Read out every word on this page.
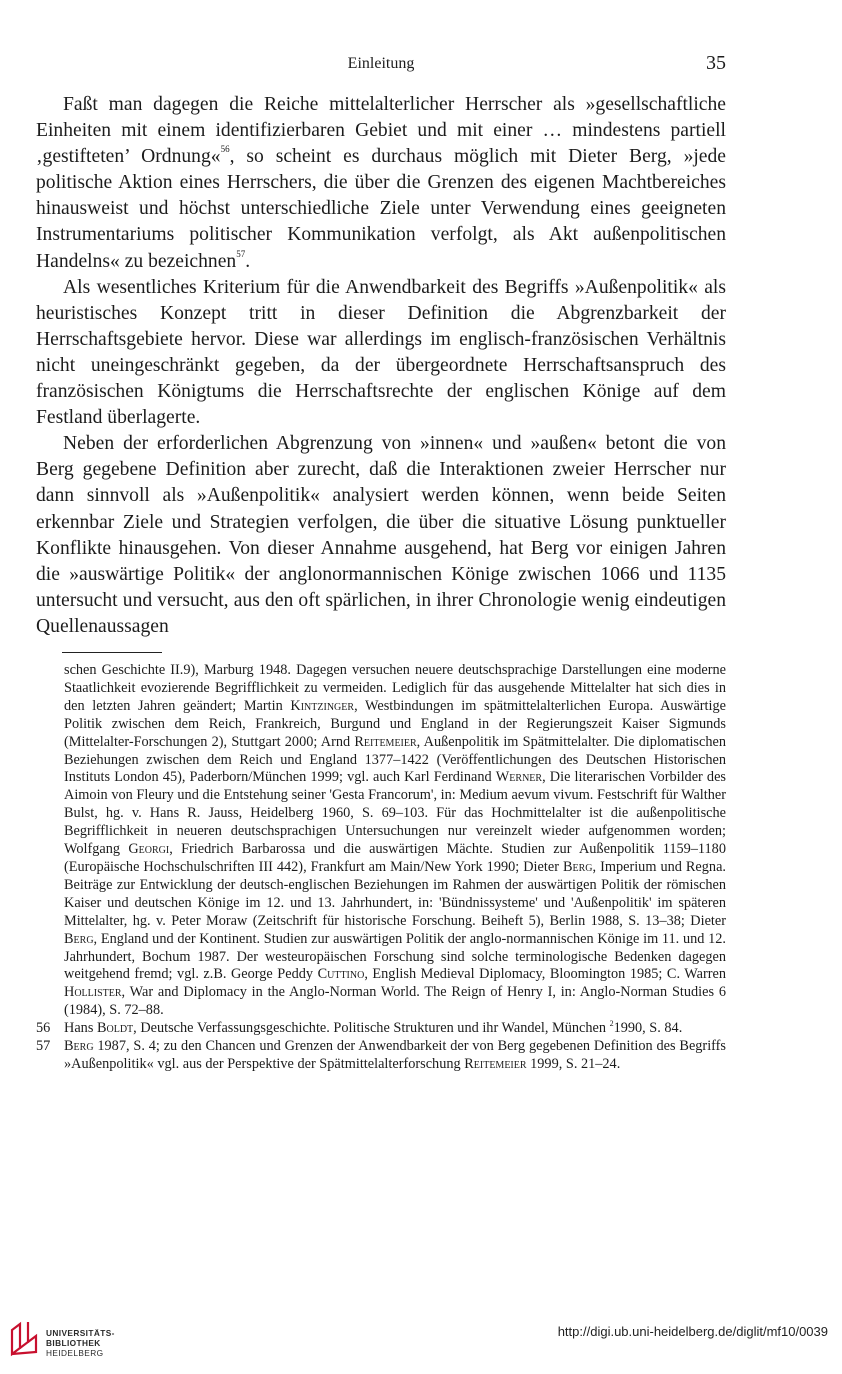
Einleitung	35

Faßt man dagegen die Reiche mittelalterlicher Herrscher als »gesellschaftliche Einheiten mit einem identifizierbaren Gebiet und mit einer … mindestens partiell ‚gestifteten’ Ordnung«$^{56}$, so scheint es durchaus möglich mit Dieter Berg, »jede politische Aktion eines Herrschers, die über die Grenzen des eigenen Machtbereiches hinausweist und höchst unterschiedliche Ziele unter Verwendung eines geeigneten Instrumentariums politischer Kommunikation verfolgt, als Akt außenpolitischen Handelns« zu bezeichnen$^{57}$.

Als wesentliches Kriterium für die Anwendbarkeit des Begriffs »Außenpolitik« als heuristisches Konzept tritt in dieser Definition die Abgrenzbarkeit der Herrschaftsgebiete hervor. Diese war allerdings im englisch-französischen Verhältnis nicht uneingeschränkt gegeben, da der übergeordnete Herrschaftsanspruch des französischen Königtums die Herrschaftsrechte der englischen Könige auf dem Festland überlagerte.

Neben der erforderlichen Abgrenzung von »innen« und »außen« betont die von Berg gegebene Definition aber zurecht, daß die Interaktionen zweier Herrscher nur dann sinnvoll als »Außenpolitik« analysiert werden können, wenn beide Seiten erkennbar Ziele und Strategien verfolgen, die über die situative Lösung punktueller Konflikte hinausgehen. Von dieser Annahme ausgehend, hat Berg vor einigen Jahren die »auswärtige Politik« der anglonormannischen Könige zwischen 1066 und 1135 untersucht und versucht, aus den oft spärlichen, in ihrer Chronologie wenig eindeutigen Quellenaussagen

schen Geschichte II.9), Marburg 1948. Dagegen versuchen neuere deutschsprachige Darstellungen eine moderne Staatlichkeit evozierende Begrifflichkeit zu vermeiden. Lediglich für das ausgehende Mittelalter hat sich dies in den letzten Jahren geändert; Martin Kintzinger, Westbindungen im spätmittelalterlichen Europa. Auswärtige Politik zwischen dem Reich, Frankreich, Burgund und England in der Regierungszeit Kaiser Sigmunds (Mittelalter-Forschungen 2), Stuttgart 2000; Arnd Reitemeier, Außenpolitik im Spätmittelalter. Die diplomatischen Beziehungen zwischen dem Reich und England 1377–1422 (Veröffentlichungen des Deutschen Historischen Instituts London 45), Paderborn/München 1999; vgl. auch Karl Ferdinand Werner, Die literarischen Vorbilder des Aimoin von Fleury und die Entstehung seiner 'Gesta Francorum', in: Medium aevum vivum. Festschrift für Walther Bulst, hg. v. Hans R. Jauss, Heidelberg 1960, S. 69–103. Für das Hochmittelalter ist die außenpolitische Begrifflichkeit in neueren deutschsprachigen Untersuchungen nur vereinzelt wieder aufgenommen worden; Wolfgang Georgi, Friedrich Barbarossa und die auswärtigen Mächte. Studien zur Außenpolitik 1159–1180 (Europäische Hochschulschriften III 442), Frankfurt am Main/New York 1990; Dieter Berg, Imperium und Regna. Beiträge zur Entwicklung der deutsch-englischen Beziehungen im Rahmen der auswärtigen Politik der römischen Kaiser und deutschen Könige im 12. und 13. Jahrhundert, in: 'Bündnissysteme' und 'Außenpolitik' im späteren Mittelalter, hg. v. Peter Moraw (Zeitschrift für historische Forschung. Beiheft 5), Berlin 1988, S. 13–38; Dieter Berg, England und der Kontinent. Studien zur auswärtigen Politik der anglo-normannischen Könige im 11. und 12. Jahrhundert, Bochum 1987. Der westeuropäischen Forschung sind solche terminologische Bedenken dagegen weitgehend fremd; vgl. z.B. George Peddy Cuttino, English Medieval Diplomacy, Bloomington 1985; C. Warren Hollister, War and Diplomacy in the Anglo-Norman World. The Reign of Henry I, in: Anglo-Norman Studies 6 (1984), S. 72–88.
56 Hans Boldt, Deutsche Verfassungsgeschichte. Politische Strukturen und ihr Wandel, München $^2$1990, S. 84.
57 Berg 1987, S. 4; zu den Chancen und Grenzen der Anwendbarkeit der von Berg gegebenen Definition des Begriffs »Außenpolitik« vgl. aus der Perspektive der Spätmittelalterforschung Reitemeier 1999, S. 21–24.
UNIVERSITÄTS-
BIBLIOTHEK
HEIDELBERG
http://digi.ub.uni-heidelberg.de/diglit/mf10/0039
